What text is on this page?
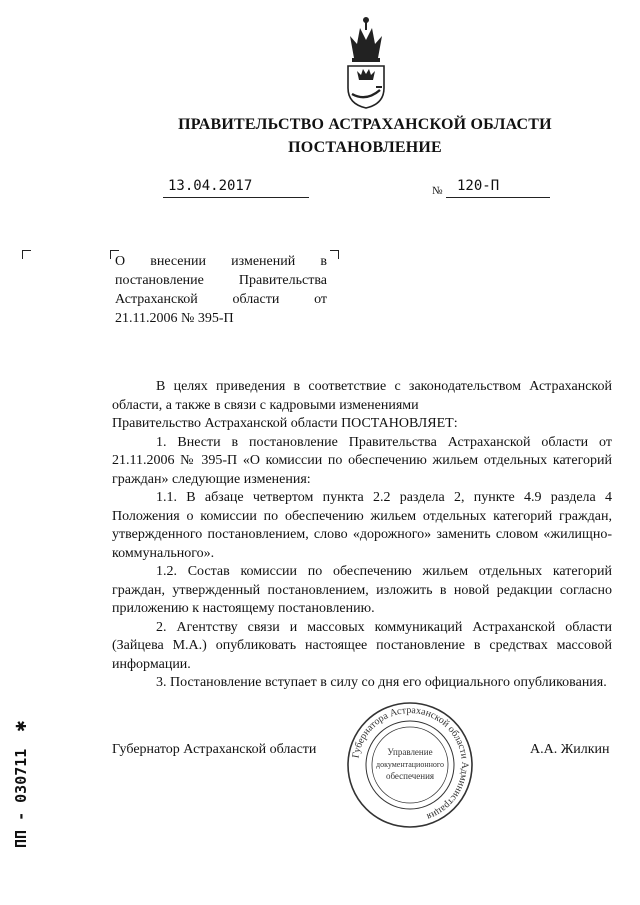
ПРАВИТЕЛЬСТВО АСТРАХАНСКОЙ ОБЛАСТИ
ПОСТАНОВЛЕНИЕ
13.04.2017	№ 120-П
О внесении изменений в
постановление Правительства
Астраханской области от
21.11.2006 № 395-П

В целях приведения в соответствие с законодательством Астраханской области, а также в связи с кадровыми изменениями

Правительство Астраханской области ПОСТАНОВЛЯЕТ:

1. Внести в постановление Правительства Астраханской области от 21.11.2006 № 395-П «О комиссии по обеспечению жильем отдельных категорий граждан» следующие изменения:

1.1. В абзаце четвертом пункта 2.2 раздела 2, пункте 4.9 раздела 4 Положения о комиссии по обеспечению жильем отдельных категорий граждан, утвержденного постановлением, слово «дорожного» заменить словом «жилищно-коммунального».

1.2. Состав комиссии по обеспечению жильем отдельных категорий граждан, утвержденный постановлением, изложить в новой редакции согласно приложению к настоящему постановлению.

2. Агентству связи и массовых коммуникаций Астраханской области (Зайцева М.А.) опубликовать настоящее постановление в средствах массовой информации.

3. Постановление вступает в силу со дня его официального опубликования.

Губернатор Астраханской области	А.А. Жилкин
Губернатора Астраханской области Администрация
Управление
документационного
обеспечения
ПП - 030711
✱
